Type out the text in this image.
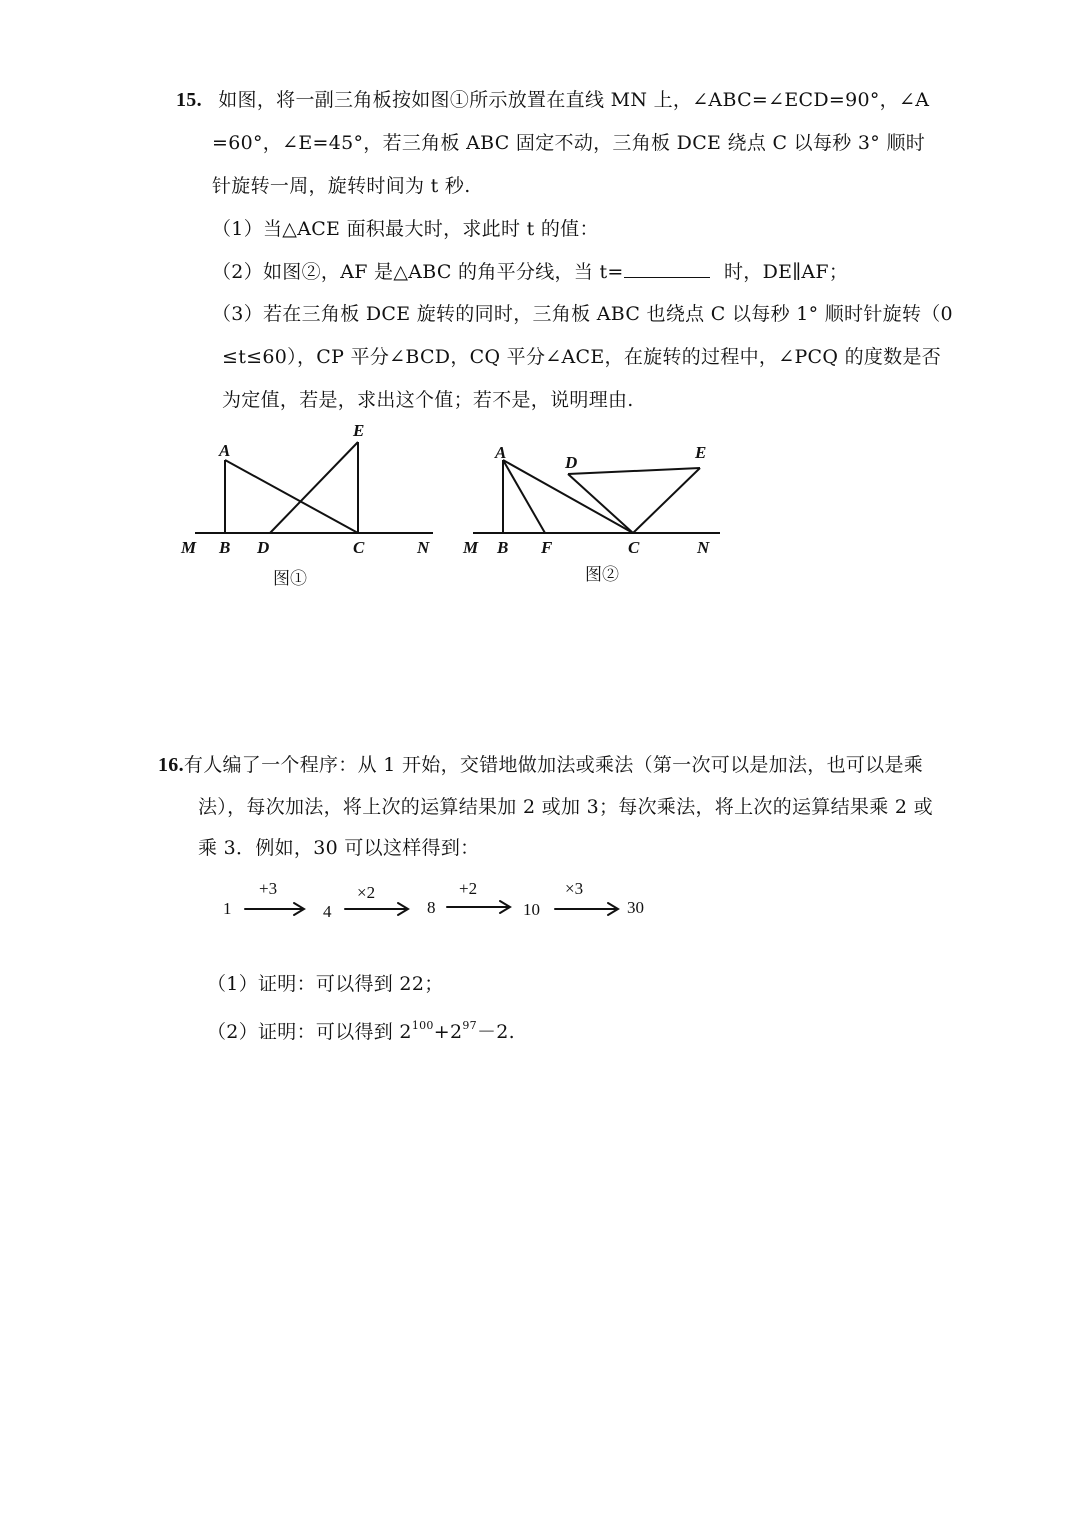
15. 如图，将一副三角板按如图①所示放置在直线 MN 上，∠ABC=∠ECD=90°，∠A
=60°，∠E=45°，若三角板 ABC 固定不动，三角板 DCE 绕点 C 以每秒 3° 顺时
针旋转一周，旋转时间为 t 秒.
（1）当△ACE 面积最大时，求此时 t 的值：
（2）如图②，AF 是△ABC 的角平分线，当 t=	时，DE∥AF；
（3）若在三角板 DCE 旋转的同时，三角板 ABC 也绕点 C 以每秒 1° 顺时针旋转（0
≤t≤60），CP 平分∠BCD，CQ 平分∠ACE，在旋转的过程中，∠PCQ 的度数是否
为定值，若是，求出这个值；若不是，说明理由.
A
E
M B D	C	N
图①
A
D
E
M B F	C	N
图②
16.有人编了一个程序：从 1 开始，交错地做加法或乘法（第一次可以是加法，也可以是乘
法），每次加法，将上次的运算结果加 2 或加 3；每次乘法，将上次的运算结果乘 2 或
乘 3．例如，30 可以这样得到：
1	4	8	10	30
+3	×2	+2	×3
（1）证明：可以得到 22；
（2）证明：可以得到 $2^{100}+2^{97}-2$.
